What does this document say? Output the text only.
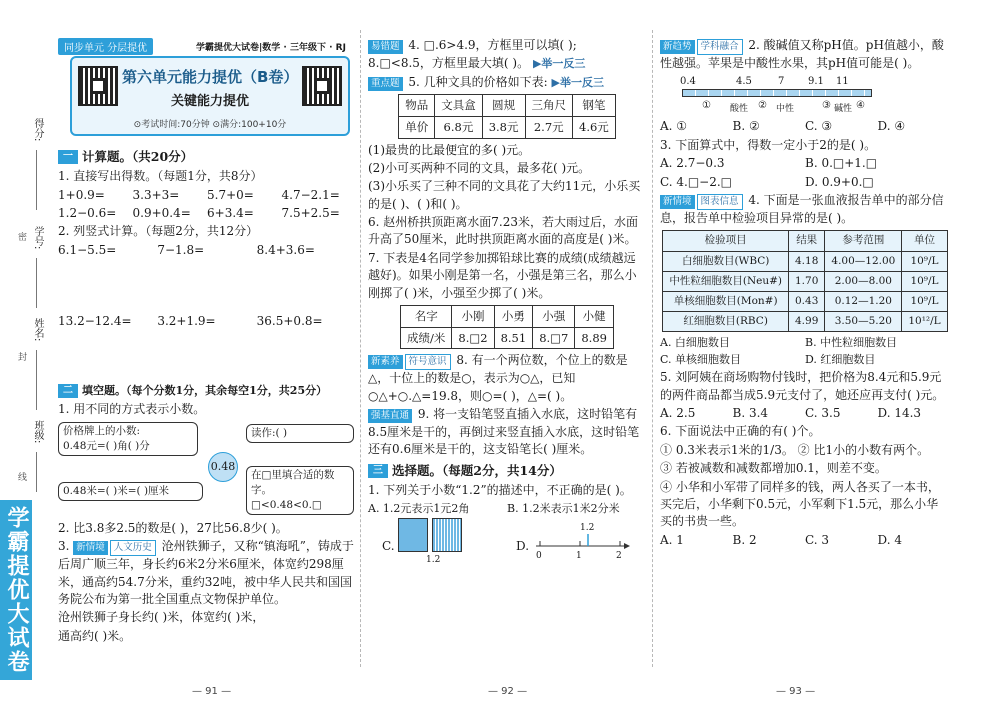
得分:
学号:
密
姓名:
封
班级:
线
学霸提优大试卷
同步单元 分层提优	学霸提优大试卷|数学 · 三年级下 · RJ
第六单元能力提优（B卷）
关键能力提优
⊙考试时间:70分钟 ⊙满分:100+10分
一 计算题。（共20分）
1. 直接写出得数。（每题1分，共8分）
1+0.9=	3.3+3=	5.7+0=	4.7−2.1=
1.2−0.6=	0.9+0.4=	6+3.4=	7.5+2.5=
2. 列竖式计算。（每题2分，共12分）
6.1−5.5=	7−1.8=	8.4+3.6=
13.2−12.4=	3.2+1.9=	36.5+0.8=
二 填空题。（每个分数1分，其余每空1分，共25分）
1. 用不同的方式表示小数。
价格牌上的小数:
0.48元=( )角( )分
读作:( )
0.48
0.48米=( )米=( )厘米
在□里填合适的数字。
□<0.48<0.□
2. 比3.8多2.5的数是( )，27比56.8少( )。
3. 新情境 人文历史 沧州铁狮子，又称“镇海吼”，铸成于后周广顺三年，身长约6米2分米6厘米，体宽约298厘米，通高约54.7分米，重约32吨，被中华人民共和国国务院公布为第一批全国重点文物保护单位。
沧州铁狮子身长约( )米，体宽约( )米，
通高约( )米。
— 91 —
易错题 4. □.6>4.9，方框里可以填( );
8.□<8.5，方框里最大填( )。 ▶举一反三
重点题 5. 几种文具的价格如下表: ▶举一反三
物品	文具盒	圆规	三角尺	钢笔
单价	6.8元	3.8元	2.7元	4.6元
(1)最贵的比最便宜的多( )元。
(2)小可买两种不同的文具，最多花( )元。
(3)小乐买了三种不同的文具花了大约11元，小乐买的是( )、( )和( )。
6. 赵州桥拱顶距离水面7.23米，若大雨过后，水面升高了50厘米，此时拱顶距离水面的高度是( )米。
7. 下表是4名同学参加掷铅球比赛的成绩(成绩越远越好)。如果小刚是第一名，小强是第三名，那么小刚掷了( )米，小强至少掷了( )米。
名字	小刚	小勇	小强	小健
成绩/米	8.□2	8.51	8.□7	8.89
新素养 符号意识 8. 有一个两位数，个位上的数是△，十位上的数是○，表示为○△，已知○△+○.△=19.8，则○=( )，△=( )。
强基直通 9. 将一支铅笔竖直插入水底，这时铅笔有8.5厘米是干的，再倒过来竖直插入水底，这时铅笔还有0.6厘米是干的，这支铅笔长( )厘米。
三 选择题。（每题2分，共14分）
1. 下列关于小数“1.2”的描述中，不正确的是( )。
A. 1.2元表示1元2角	B. 1.2米表示1米2分米
C.
1.2
D.
0	1	2
1.2
— 92 —
新趋势 学科融合 2. 酸碱值又称pH值。pH值越小，酸性越强。苹果是中酸性水果，其pH值可能是( )。
0.4	4.5	7 9.1 11
①	②	③	④
酸性	中性	碱性
A. ①	B. ②	C. ③	D. ④
3. 下面算式中，得数一定小于2的是( )。
A. 2.7−0.3	B. 0.□+1.□
C. 4.□−2.□	D. 0.9+0.□
新情境 图表信息 4. 下面是一张血液报告单中的部分信息，报告单中检验项目异常的是( )。
检验项目	结果	参考范围	单位
白细胞数目(WBC)	4.18	4.00—12.00	10⁹/L
中性粒细胞数目(Neu#)	1.70	2.00—8.00	10⁹/L
单核细胞数目(Mon#)	0.43	0.12—1.20	10⁹/L
红细胞数目(RBC)	4.99	3.50—5.20	10¹²/L
A. 白细胞数目	B. 中性粒细胞数目
C. 单核细胞数目	D. 红细胞数目
5. 刘阿姨在商场购物付钱时，把价格为8.4元和5.9元的两件商品都当成5.9元支付了，她还应再支付( )元。
A. 2.5	B. 3.4	C. 3.5	D. 14.3
6. 下面说法中正确的有( )个。
① 0.3米表示1米的1/3。 ② 比1小的小数有两个。
③ 若被减数和减数都增加0.1，则差不变。
④ 小华和小军带了同样多的钱，两人各买了一本书，买完后，小华剩下0.5元，小军剩下1.5元，那么小华买的书贵一些。
A. 1	B. 2	C. 3	D. 4
— 93 —
